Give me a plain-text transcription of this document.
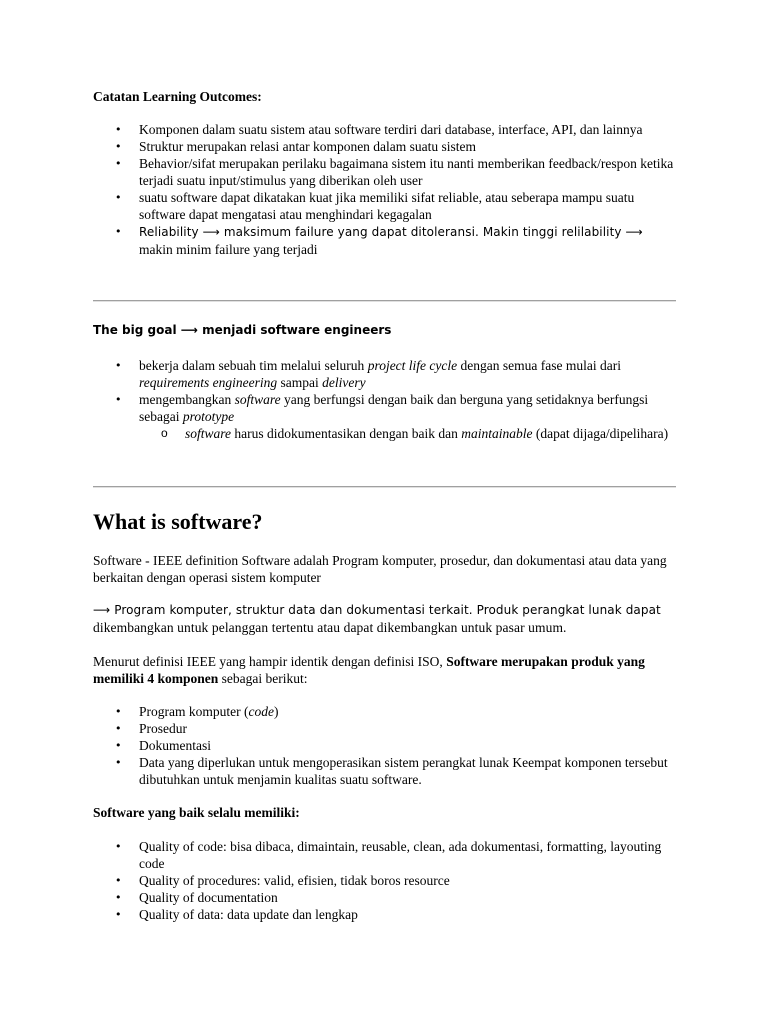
Catatan Learning Outcomes:

• Komponen dalam suatu sistem atau software terdiri dari database, interface, API, dan lainnya
• Struktur merupakan relasi antar komponen dalam suatu sistem
• Behavior/sifat merupakan perilaku bagaimana sistem itu nanti memberikan feedback/respon ketika terjadi suatu input/stimulus yang diberikan oleh user
• suatu software dapat dikatakan kuat jika memiliki sifat reliable, atau seberapa mampu suatu software dapat mengatasi atau menghindari kegagalan
• Reliability ⟶ maksimum failure yang dapat ditoleransi. Makin tinggi relilability ⟶
makin minim failure yang terjadi

The big goal ⟶ menjadi software engineers

• bekerja dalam sebuah tim melalui seluruh project life cycle dengan semua fase mulai dari requirements engineering sampai delivery
• mengembangkan software yang berfungsi dengan baik dan berguna yang setidaknya berfungsi sebagai prototype
o software harus didokumentasikan dengan baik dan maintainable (dapat dijaga/dipelihara)
What is software?

Software - IEEE definition Software adalah Program komputer, prosedur, dan dokumentasi atau data yang berkaitan dengan operasi sistem komputer

⟶ Program komputer, struktur data dan dokumentasi terkait. Produk perangkat lunak dapat
dikembangkan untuk pelanggan tertentu atau dapat dikembangkan untuk pasar umum.

Menurut definisi IEEE yang hampir identik dengan definisi ISO, Software merupakan produk yang memiliki 4 komponen sebagai berikut:

• Program komputer (code)
• Prosedur
• Dokumentasi
• Data yang diperlukan untuk mengoperasikan sistem perangkat lunak Keempat komponen tersebut dibutuhkan untuk menjamin kualitas suatu software.

Software yang baik selalu memiliki:

• Quality of code: bisa dibaca, dimaintain, reusable, clean, ada dokumentasi, formatting, layouting code
• Quality of procedures: valid, efisien, tidak boros resource
• Quality of documentation
• Quality of data: data update dan lengkap
